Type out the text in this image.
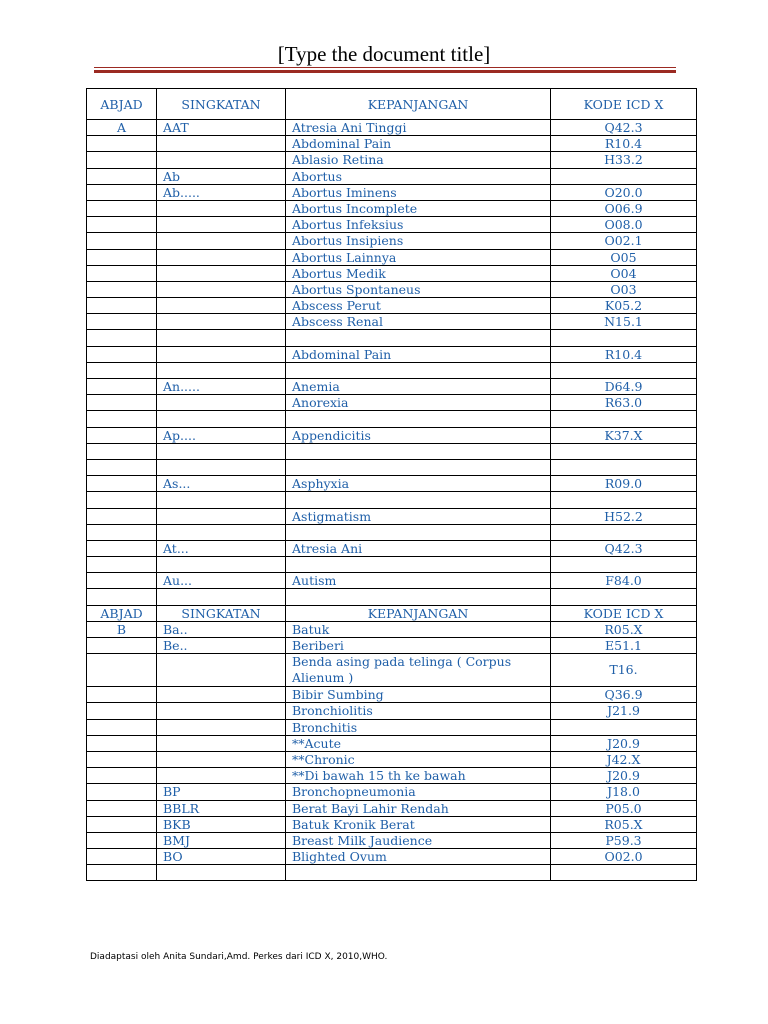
[Type the document title]
ABJAD	SINGKATAN	KEPANJANGAN	KODE ICD X
A	AAT	Atresia Ani Tinggi	Q42.3
		Abdominal Pain	R10.4
		Ablasio Retina	H33.2
	Ab	Abortus	
	Ab.....	Abortus Iminens	O20.0
		Abortus Incomplete	O06.9
		Abortus Infeksius	O08.0
		Abortus Insipiens	O02.1
		Abortus Lainnya	O05
		Abortus Medik	O04
		Abortus Spontaneus	O03
		Abscess Perut	K05.2
		Abscess Renal	N15.1

		Abdominal Pain	R10.4

	An.....	Anemia	D64.9
		Anorexia	R63.0

	Ap....	Appendicitis	K37.X

	As...	Asphyxia	R09.0

		Astigmatism	H52.2

	At...	Atresia Ani	Q42.3

	Au...	Autism	F84.0

ABJAD	SINGKATAN	KEPANJANGAN	KODE ICD X
B	Ba..	Batuk	R05.X
	Be..	Beriberi	E51.1
		Benda asing pada telinga ( Corpus Alienum )	T16.
		Bibir Sumbing	Q36.9
		Bronchiolitis	J21.9
		Bronchitis	
		**Acute	J20.9
		**Chronic	J42.X
		**Di bawah 15 th ke bawah	J20.9
	BP	Bronchopneumonia	J18.0
	BBLR	Berat Bayi Lahir Rendah	P05.0
	BKB	Batuk Kronik Berat	R05.X
	BMJ	Breast Milk Jaudience	P59.3
	BO	Blighted Ovum	O02.0

Diadaptasi oleh Anita Sundari,Amd. Perkes dari ICD X, 2010,WHO.
